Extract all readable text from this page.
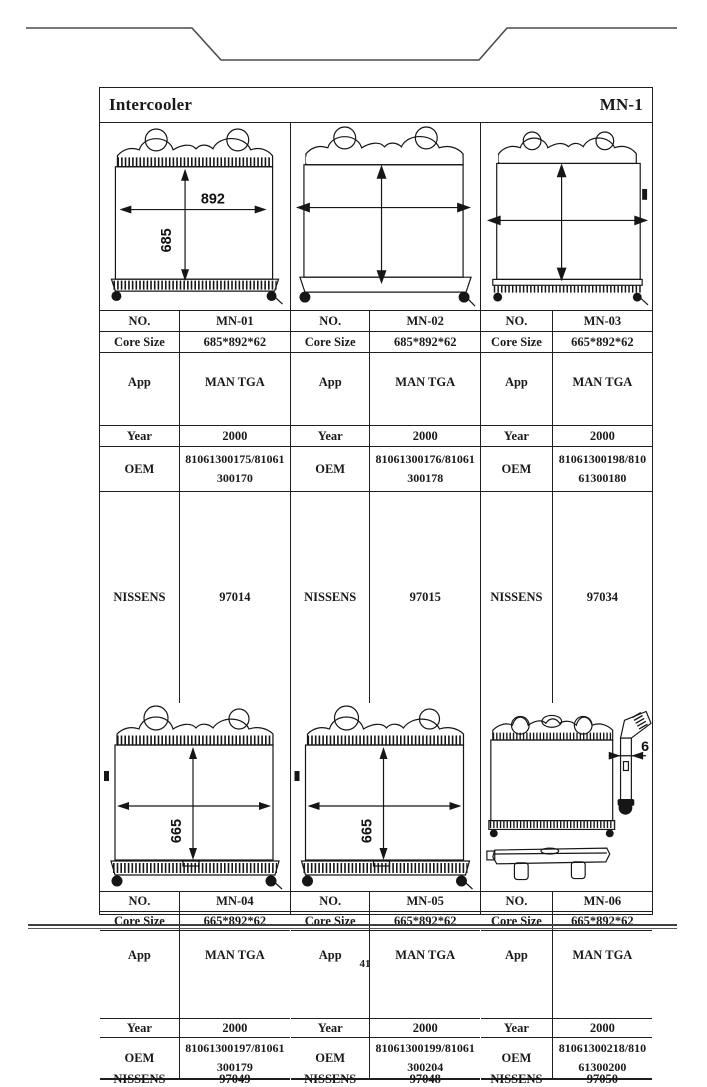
Intercooler	MN-1
892
685
NO.	MN-01
Core Size	685*892*62
App	MAN TGA
Year	2000
OEM
81061300175/81061300170
NISSENS	97014
665
NO.	MN-04
Core Size	665*892*62
App	MAN TGA
Year	2000
OEM
81061300197/81061300179
NISSENS	97049
NO.	MN-02
Core Size	685*892*62
App	MAN TGA
Year	2000
OEM
81061300176/81061300178
NISSENS	97015
665
NO.	MN-05
Core Size	665*892*62
App	MAN TGA
Year	2000
OEM
81061300199/81061300204
NISSENS	97048
NO.	MN-03
Core Size	665*892*62
App	MAN TGA
Year	2000
OEM
81061300198/81061300180
NISSENS	97034
6
NO.	MN-06
Core Size	665*892*62
App	MAN TGA
Year	2000
OEM
81061300218/81061300200
NISSENS	97050
41
